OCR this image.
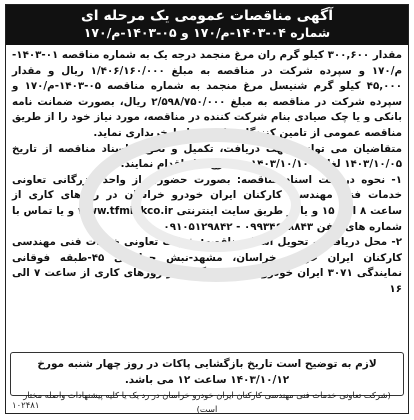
آگهی مناقصات عمومی یک مرحله ای
شماره ۰۴-۱۴۰۳-م/۱۷۰ و ۰۵-۱۴۰۳-م/۱۷۰

مقدار ۳۰۰,۶۰۰ کیلو گرم ران مرغ منجمد درجه یک به شماره مناقصه ۰۱-۱۴۰۳-م/۱۷۰ و سپرده شرکت در مناقصه به مبلغ ۱/۴۰۶/۱۶۰/۰۰۰ ریال و مقدار ۴۵,۰۰۰ کیلو گرم شنیسل مرغ منجمد به شماره مناقصه ۰۵-۱۴۰۳-م/۱۷۰ و سپرده شرکت در مناقصه به مبلغ ۲/۵۹۸/۷۵۰/۰۰۰ ریال، بصورت ضمانت نامه بانکی و یا چک صیادی بنام شرکت کننده در مناقصه، مورد نیاز خود را از طریق مناقصه عمومی از تامین کنندگان واجد شرایط خریداری نماید.

متقاضیان می توانند جهت دریافت، تکمیل و تحویل اسناد مناقصه از تاریخ ۱۴۰۳/۱۰/۰۵ لغایت ۱۴۰۳/۱۰/۱۰ به شرح ذیل اقدام نمایند:

۱- نحوه دریافت اسناد مناقصه: بصورت حضوری از واحد بازرگانی تعاونی خدمات فنی مهندسی کارکنان ایران خودرو خراسان در روزهای کاری از ساعت ۸ الی ۱۵ و یا از طریق سایت اینترنتی www.tfmikkco.ir و یا تماس با شماره های تلفن ۰۹۹۳۴۶۹۸۸۴۳ - ۰۹۱۰۵۱۲۹۸۴۲

۲- محل دریافت و تحویل اسناد مناقصه: شرکت تعاونی خدمات فنی مهندسی کارکنان ایران خودرو خراسان، مشهد-نبش چراغچی ۴۵-طبقه فوقانی نمایندگی ۳۰۷۱ ایران خودرو -واحد بازرگانی در روزهای کاری از ساعت ۷ الی ۱۶

لازم به توضیح است تاریخ بازگشایی پاکات در روز چهار شنبه مورخ ۱۴۰۳/۱۰/۱۲ ساعت ۱۲ می باشد.
(شرکت تعاونی خدمات فنی مهندسی کارکنان ایران خودرو خراسان در رد یک یا کلیه پیشنهادات واصله مختار است)
۱۰۲۴۸۱
